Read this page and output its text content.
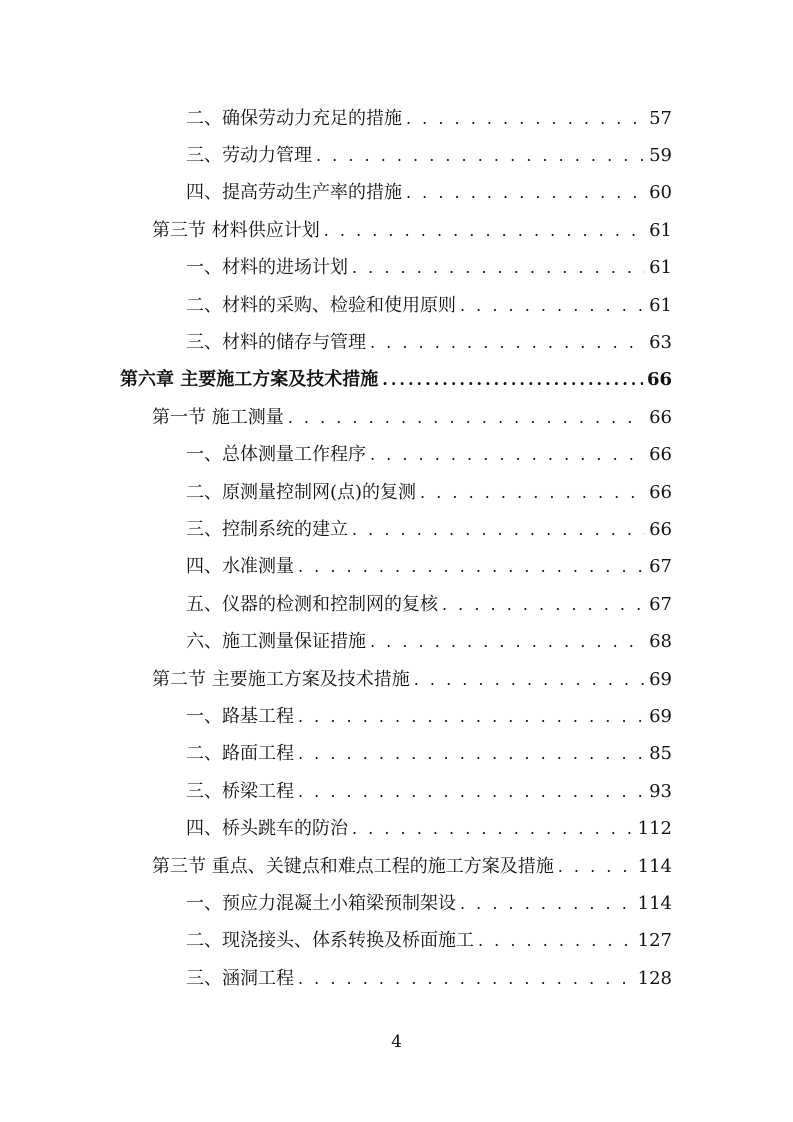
二、确保劳动力充足的措施 . . .	57
三、劳动力管理 . . .	59
四、提高劳动生产率的措施 . . .	60
第三节 材料供应计划 . . .	61
一、材料的进场计划 . . .	61
二、材料的采购、检验和使用原则 . . .	61
三、材料的储存与管理 . . .	63
第六章 主要施工方案及技术措施 .....	66
第一节 施工测量 . . .	66
一、总体测量工作程序 . . .	66
二、原测量控制网(点)的复测 . . .	66
三、控制系统的建立 . . .	66
四、水准测量 . . .	67
五、仪器的检测和控制网的复核 . . .	67
六、施工测量保证措施 . . .	68
第二节 主要施工方案及技术措施 . . .	69
一、路基工程 . . .	69
二、路面工程 . . .	85
三、桥梁工程 . . .	93
四、桥头跳车的防治 . . .	112
第三节 重点、关键点和难点工程的施工方案及措施 . . .	114
一、预应力混凝土小箱梁预制架设 . . .	114
二、现浇接头、体系转换及桥面施工 . . .	127
三、涵洞工程 . . .	128
4
